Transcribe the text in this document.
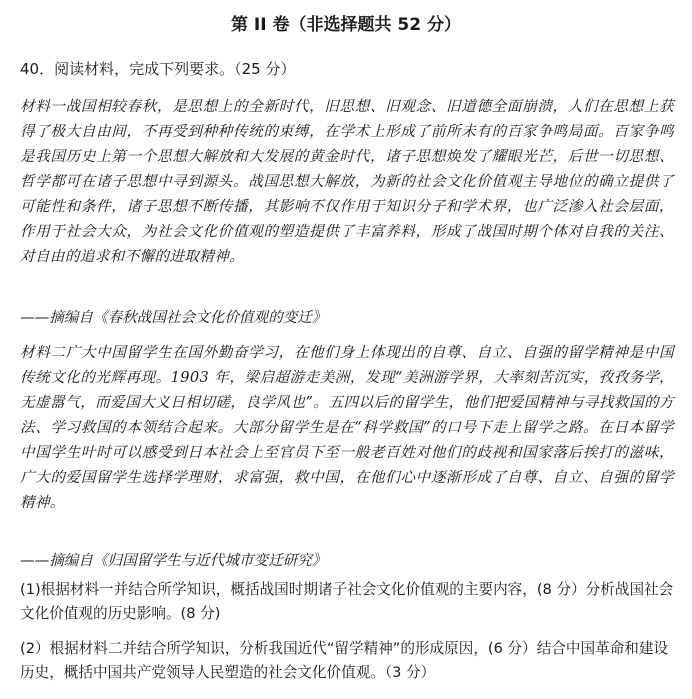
第 II 卷（非选择题共 52 分）
40．阅读材料，完成下列要求。（25 分）
材料一战国相较春秋，是思想上的全新时代，旧思想、旧观念、旧道德全面崩溃，人们在思想上获得了极大自由间，不再受到种种传统的束缚，在学术上形成了前所未有的百家争鸣局面。百家争鸣是我国历史上第一个思想大解放和大发展的黄金时代，诸子思想焕发了耀眼光芒，后世一切思想、哲学都可在诸子思想中寻到源头。战国思想大解放，为新的社会文化价值观主导地位的确立提供了可能性和条件，诸子思想不断传播，其影响不仅作用于知识分子和学术界，也广泛渗入社会层面，作用于社会大众，为社会文化价值观的塑造提供了丰富养料，形成了战国时期个体对自我的关注、对自由的追求和不懈的进取精神。
——摘编自《春秋战国社会文化价值观的变迁》
材料二广大中国留学生在国外勤奋学习，在他们身上体现出的自尊、自立、自强的留学精神是中国传统文化的光辉再现。1903 年，梁启超游走美洲，发现“美洲游学界，大率刻苦沉实，孜孜务学，无虚嚣气，而爱国大义日相切磋，良学风也”。五四以后的留学生，他们把爱国精神与寻找救国的方法、学习救国的本领结合起来。大部分留学生是在“科学救国”的口号下走上留学之路。在日本留学中国学生叶时可以感受到日本社会上至官员下至一般老百姓对他们的歧视和国家落后挨打的滋味，广大的爱国留学生选择学理财，求富强，救中国，在他们心中逐渐形成了自尊、自立、自强的留学精神。
——摘编自《归国留学生与近代城市变迁研究》
(1)根据材料一并结合所学知识，概括战国时期诸子社会文化价值观的主要内容，(8 分）分析战国社会文化价值观的历史影响。(8 分)
(2）根据材料二并结合所学知识，分析我国近代“留学精神”的形成原因，(6 分）结合中国革命和建设历史，概括中国共产党领导人民塑造的社会文化价值观。（3 分）
